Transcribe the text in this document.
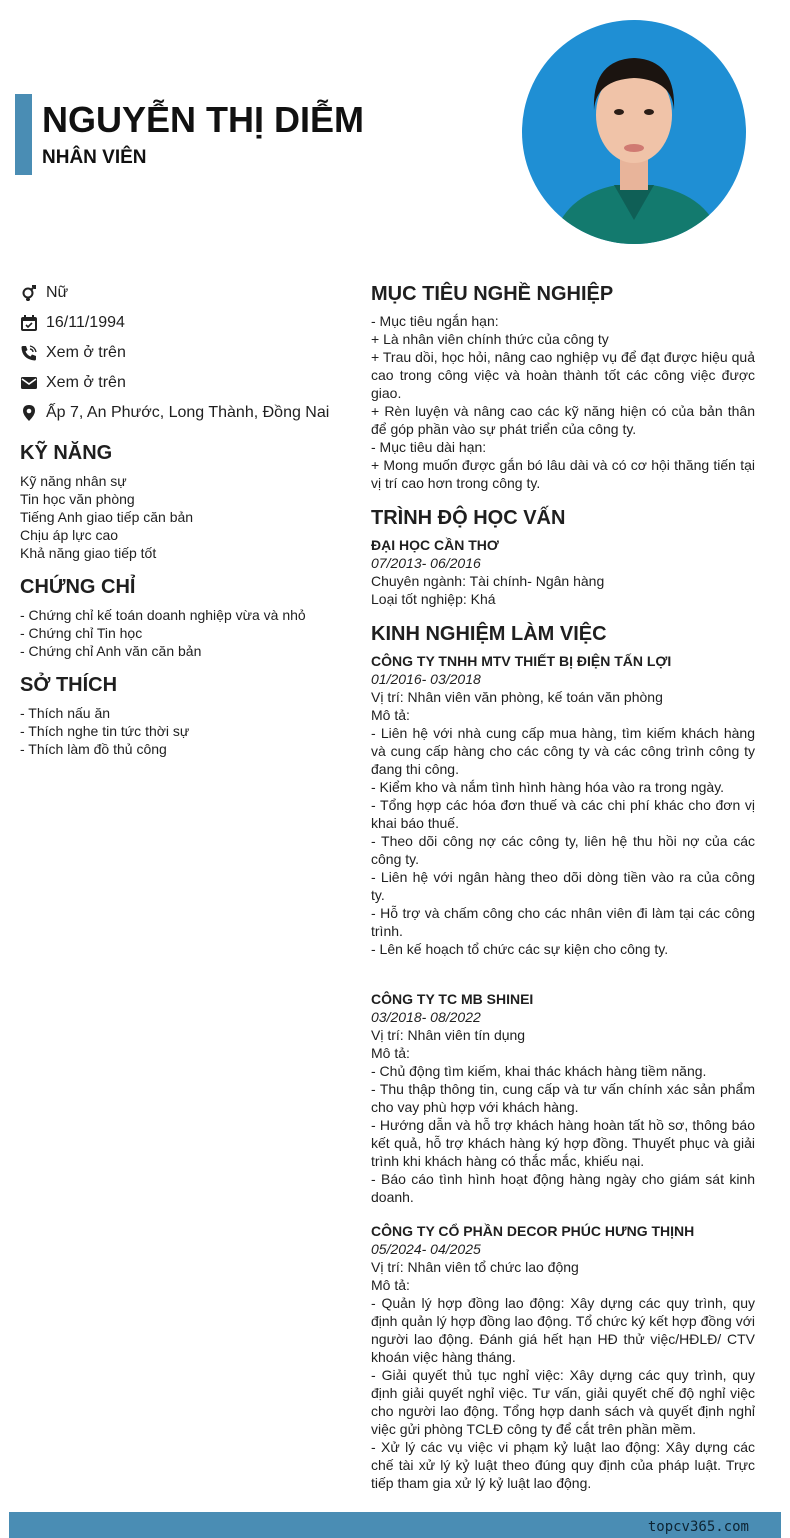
NGUYỄN THỊ DIỄM
NHÂN VIÊN
Nữ
16/11/1994
Xem ở trên
Xem ở trên
Ấp 7, An Phước, Long Thành, Đồng Nai
KỸ NĂNG
Kỹ năng nhân sự
Tin học văn phòng
Tiếng Anh giao tiếp căn bản
Chịu áp lực cao
Khả năng giao tiếp tốt
CHỨNG CHỈ
- Chứng chỉ kế toán doanh nghiệp vừa và nhỏ
- Chứng chỉ Tin học
- Chứng chỉ Anh văn căn bản
SỞ THÍCH
- Thích nấu ăn
- Thích nghe tin tức thời sự
- Thích làm đồ thủ công
MỤC TIÊU NGHỀ NGHIỆP
- Mục tiêu ngắn hạn:
+ Là nhân viên chính thức của công ty
+ Trau dồi, học hỏi, nâng cao nghiệp vụ để đạt được hiệu quả cao trong công việc và hoàn thành tốt các công việc được giao.
+ Rèn luyện và nâng cao các kỹ năng hiện có của bản thân để góp phần vào sự phát triển của công ty.
- Mục tiêu dài hạn:
+ Mong muốn được gắn bó lâu dài và có cơ hội thăng tiến tại vị trí cao hơn trong công ty.
TRÌNH ĐỘ HỌC VẤN
ĐẠI HỌC CẦN THƠ
07/2013- 06/2016
Chuyên ngành: Tài chính- Ngân hàng
Loại tốt nghiệp: Khá
KINH NGHIỆM LÀM VIỆC
CÔNG TY TNHH MTV THIẾT BỊ ĐIỆN TẤN LỢI
01/2016- 03/2018
Vị trí: Nhân viên văn phòng, kế toán văn phòng
Mô tả:
- Liên hệ với nhà cung cấp mua hàng, tìm kiếm khách hàng và cung cấp hàng cho các công ty và các công trình công ty đang thi công.
- Kiểm kho và nắm tình hình hàng hóa vào ra trong ngày.
- Tổng hợp các hóa đơn thuế và các chi phí khác cho đơn vị khai báo thuế.
- Theo dõi công nợ các công ty, liên hệ thu hồi nợ của các công ty.
- Liên hệ với ngân hàng theo dõi dòng tiền vào ra của công ty.
- Hỗ trợ và chấm công cho các nhân viên đi làm tại các công trình.
- Lên kế hoạch tổ chức các sự kiện cho công ty.
CÔNG TY TC MB SHINEI
03/2018- 08/2022
Vị trí: Nhân viên tín dụng
Mô tả:
- Chủ động tìm kiếm, khai thác khách hàng tiềm năng.
- Thu thập thông tin, cung cấp và tư vấn chính xác sản phẩm cho vay phù hợp với khách hàng.
- Hướng dẫn và hỗ trợ khách hàng hoàn tất hồ sơ, thông báo kết quả, hỗ trợ khách hàng ký hợp đồng. Thuyết phục và giải trình khi khách hàng có thắc mắc, khiếu nại.
- Báo cáo tình hình hoạt động hàng ngày cho giám sát kinh doanh.
CÔNG TY CỔ PHẦN DECOR PHÚC HƯNG THỊNH
05/2024- 04/2025
Vị trí: Nhân viên tổ chức lao động
Mô tả:
- Quản lý hợp đồng lao động: Xây dựng các quy trình, quy định quản lý hợp đồng lao động. Tổ chức ký kết hợp đồng với người lao động. Đánh giá hết hạn HĐ thử việc/HĐLĐ/ CTV khoán việc hàng tháng.
- Giải quyết thủ tục nghỉ việc: Xây dựng các quy trình, quy định giải quyết nghỉ việc. Tư vấn, giải quyết chế độ nghỉ việc cho người lao động. Tổng hợp danh sách và quyết định nghỉ việc gửi phòng TCLĐ công ty để cắt trên phần mềm.
- Xử lý các vụ việc vi phạm kỷ luật lao động: Xây dựng các chế tài xử lý kỷ luật theo đúng quy định của pháp luật. Trực tiếp tham gia xử lý kỷ luật lao động.
topcv365.com
